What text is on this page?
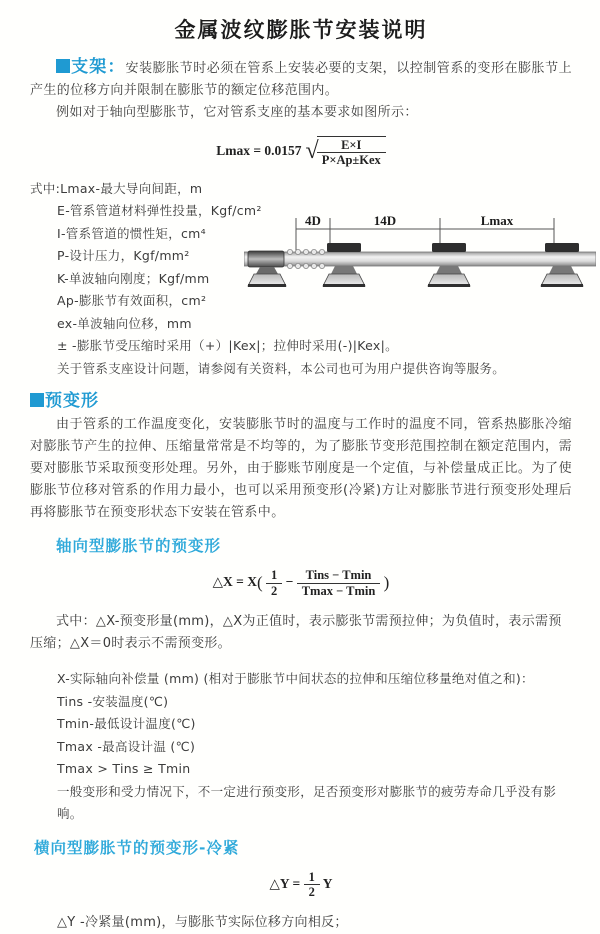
金属波纹膨胀节安装说明

支架：安装膨胀节时必须在管系上安装必要的支架，以控制管系的变形在膨胀节上产生的位移方向并限制在膨胀节的额定位移范围内。

例如对于轴向型膨胀节，它对管系支座的基本要求如图所示：

Lmax = 0.0157 √
$\frac{E\times I}{\text{P×Ap±Kex}}$
式中:Lmax-最大导向间距，m
E-管系管道材料弹性投量，Kgf/cm²
I-管系管道的惯性矩，cm⁴
P-设计压力，Kgf/mm²
K-单波轴向刚度；Kgf/mm
Ap-膨胀节有效面积，cm²
ex-单波轴向位移，mm
± -膨胀节受压缩时采用（+）|Kex|；拉伸时采用(-)|Kex|。
关于管系支座设计问题，请参阅有关资料，本公司也可为用户提供咨询等服务。
4D	14D	Lmax

预变形

由于管系的工作温度变化，安装膨胀节时的温度与工作时的温度不同，管系热膨胀冷缩对膨胀节产生的拉伸、压缩量常常是不均等的，为了膨胀节变形范围控制在额定范围内，需要对膨胀节采取预变形处理。另外，由于膨账节刚度是一个定值，与补偿量成正比。为了使膨胀节位移对管系的作用力最小，也可以采用预变形(冷紧)方让对膨胀节进行预变形处理后再将膨胀节在预变形状态下安装在管系中。

轴向型膨胀节的预变形
△X = $X( \frac{1}{2} - \frac{\text{Tins − Tmin}}{Tmax - Tmin}$ )

式中：△X-预变形量(mm)，△X为正值时，表示膨张节需预拉伸；为负值时，表示需预压缩；△X＝0时表示不需预变形。

X-实际轴向补偿量 (mm) (相对于膨胀节中间状态的拉伸和压缩位移量绝对值之和)：
Tins -安装温度(℃)
Tmin-最低设计温度(℃)
Tmax -最高设计温 (℃)
Tmax > Tins ≥ Tmin
一般变形和受力情况下，不一定进行预变形，足否预变形对膨胀节的疲劳寿命几乎没有影响。
横向型膨胀节的预变形-冷紧
△Y = $\frac{1}{2}$ Y

△Y -冷紧量(mm)，与膨胀节实际位移方向相反；
